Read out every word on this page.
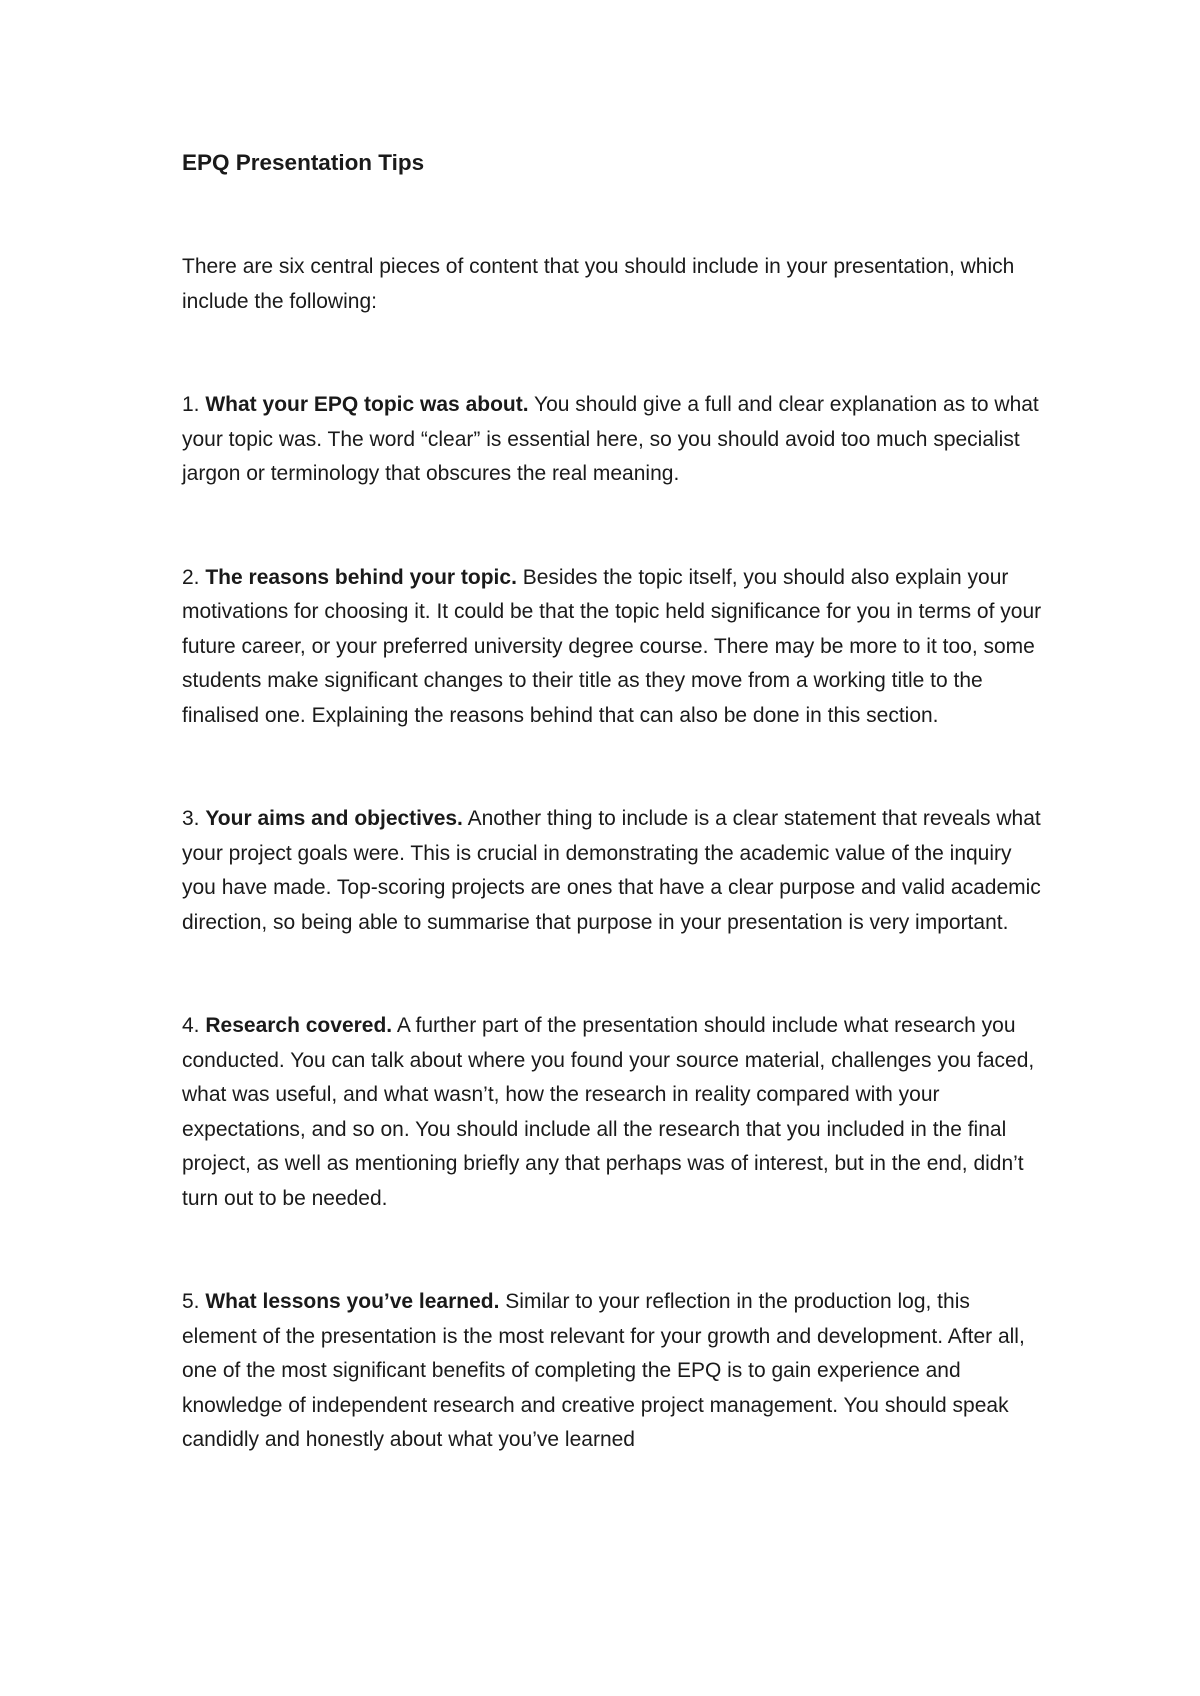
EPQ Presentation Tips

There are six central pieces of content that you should include in your presentation, which include the following:

1. What your EPQ topic was about. You should give a full and clear explanation as to what your topic was. The word “clear” is essential here, so you should avoid too much specialist jargon or terminology that obscures the real meaning.

2. The reasons behind your topic. Besides the topic itself, you should also explain your motivations for choosing it. It could be that the topic held significance for you in terms of your future career, or your preferred university degree course. There may be more to it too, some students make significant changes to their title as they move from a working title to the finalised one. Explaining the reasons behind that can also be done in this section.

3. Your aims and objectives. Another thing to include is a clear statement that reveals what your project goals were. This is crucial in demonstrating the academic value of the inquiry you have made. Top-scoring projects are ones that have a clear purpose and valid academic direction, so being able to summarise that purpose in your presentation is very important.

4. Research covered. A further part of the presentation should include what research you conducted. You can talk about where you found your source material, challenges you faced, what was useful, and what wasn’t, how the research in reality compared with your expectations, and so on. You should include all the research that you included in the final project, as well as mentioning briefly any that perhaps was of interest, but in the end, didn’t turn out to be needed.

5. What lessons you’ve learned. Similar to your reflection in the production log, this element of the presentation is the most relevant for your growth and development. After all, one of the most significant benefits of completing the EPQ is to gain experience and knowledge of independent research and creative project management. You should speak candidly and honestly about what you’ve learned
